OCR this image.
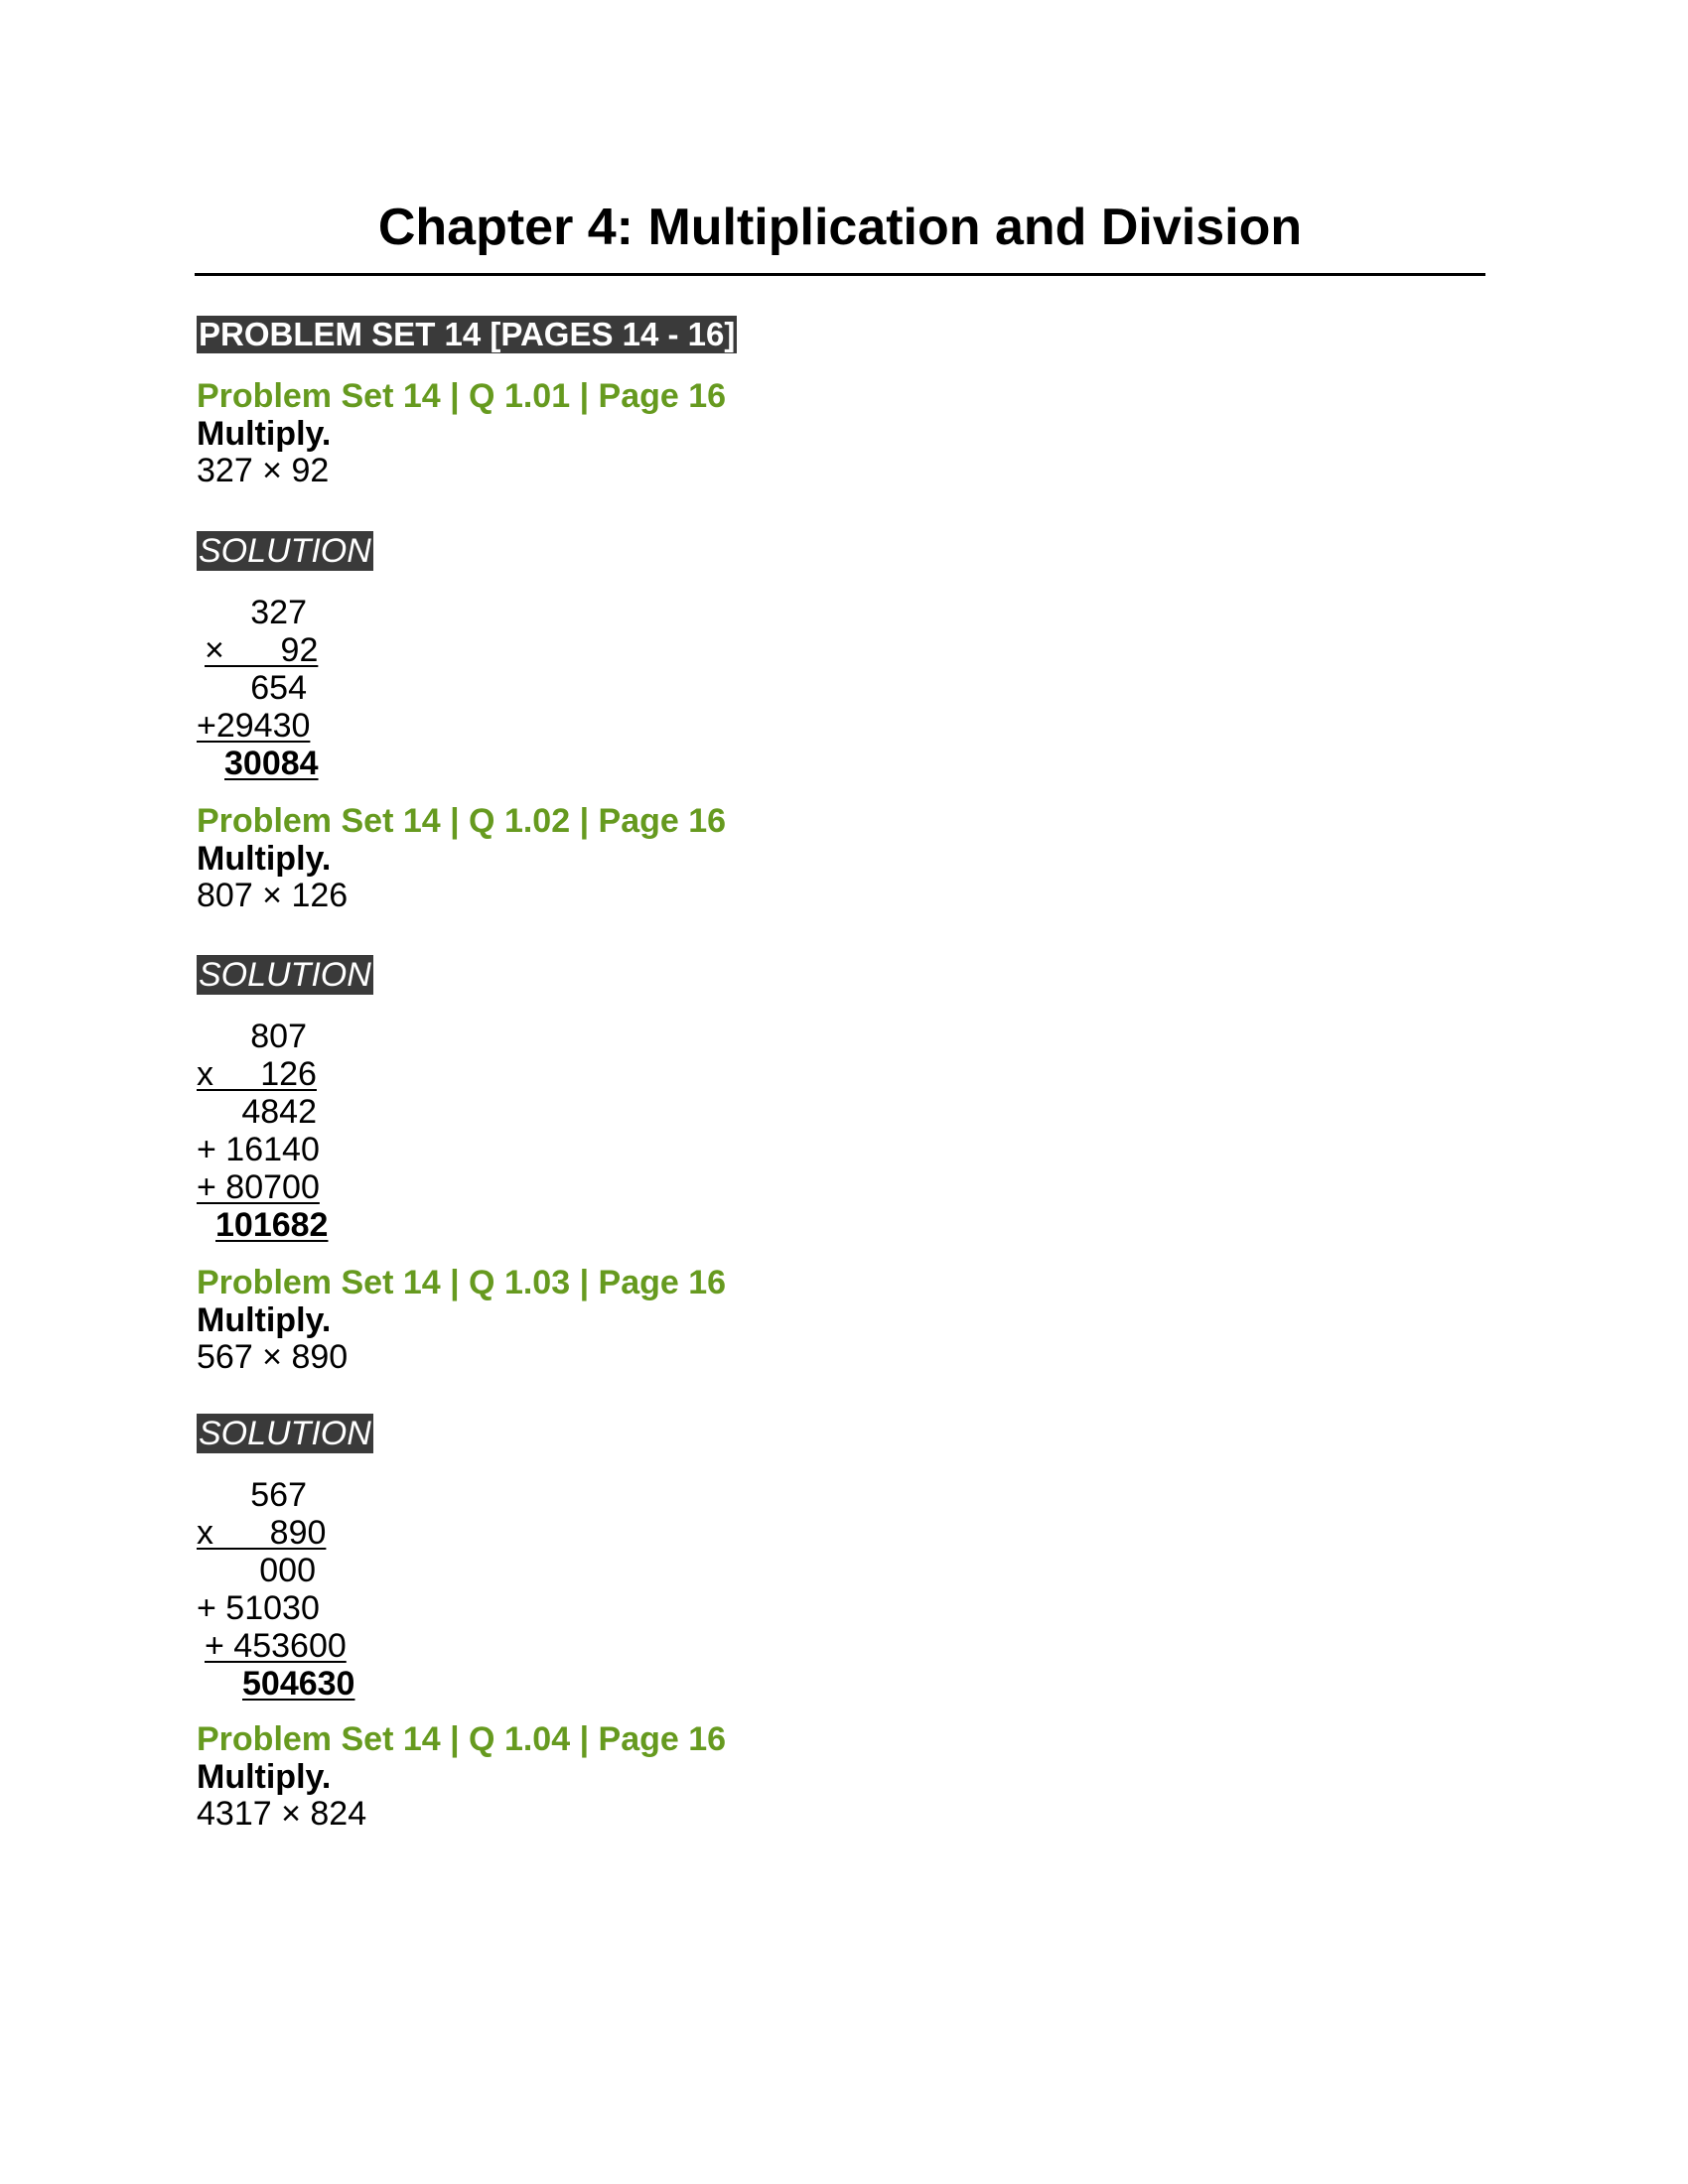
Chapter 4: Multiplication and Division
PROBLEM SET 14 [PAGES 14 - 16]
Problem Set 14 | Q 1.01 | Page 16
Multiply.
327 × 92
SOLUTION
327
×      92
654
+29430
30084
Problem Set 14 | Q 1.02 | Page 16
Multiply.
807 × 126
SOLUTION
807
x     126
4842
+ 16140
+ 80700
101682
Problem Set 14 | Q 1.03 | Page 16
Multiply.
567 × 890
SOLUTION
567
x      890
000
+ 51030
+ 453600
504630
Problem Set 14 | Q 1.04 | Page 16
Multiply.
4317 × 824
